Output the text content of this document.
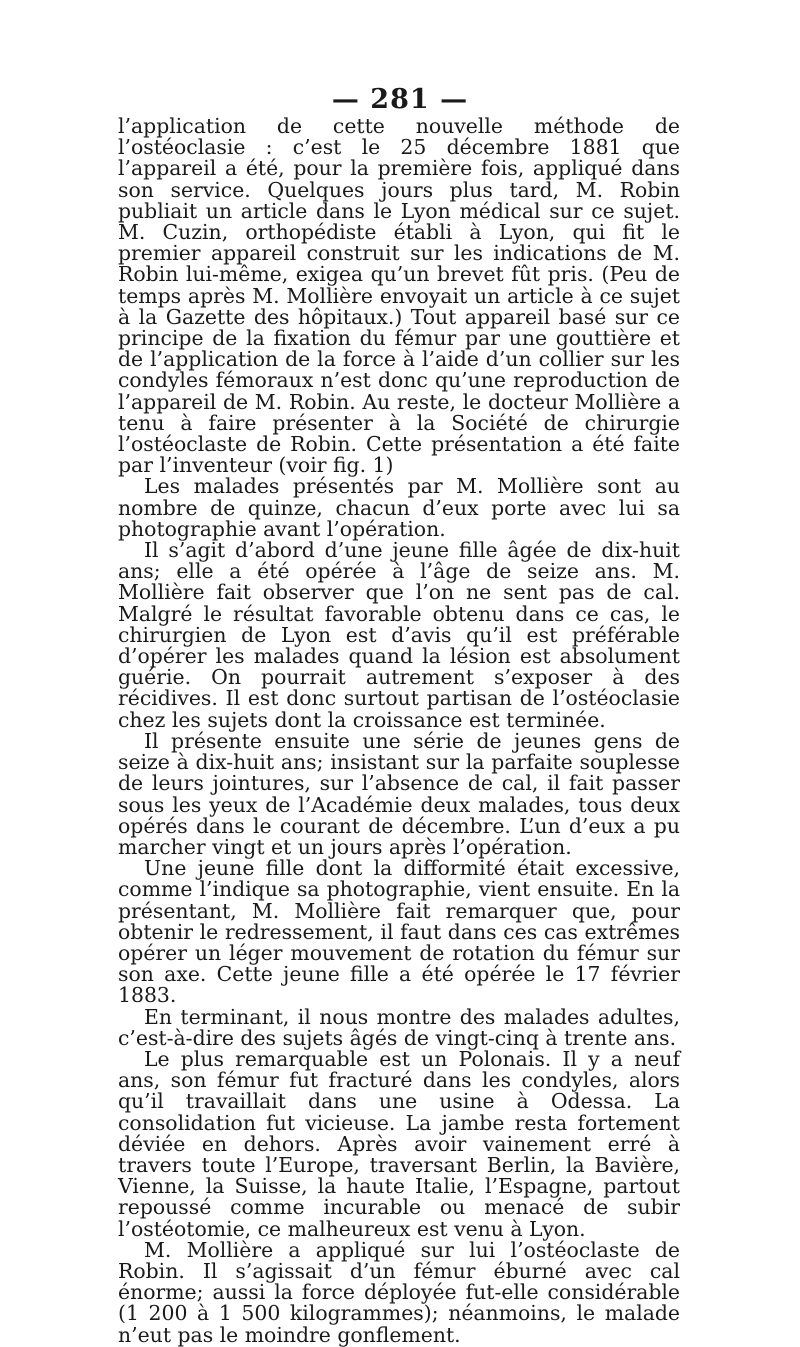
— 281 —

l’application de cette nouvelle méthode de l’ostéoclasie : c’est le 25 décembre 1881 que l’appareil a été, pour la première fois, appliqué dans son service. Quelques jours plus tard, M. Robin publiait un article dans le Lyon médical sur ce sujet. M. Cuzin, orthopédiste établi à Lyon, qui fit le premier appareil construit sur les indications de M. Robin lui-même, exigea qu’un brevet fût pris. (Peu de temps après M. Mollière envoyait un article à ce sujet à la Gazette des hôpitaux.) Tout appareil basé sur ce principe de la fixation du fémur par une gouttière et de l’application de la force à l’aide d’un collier sur les condyles fémoraux n’est donc qu’une reproduction de l’appareil de M. Robin. Au reste, le docteur Mollière a tenu à faire présenter à la Société de chirurgie l’ostéoclaste de Robin. Cette présentation a été faite par l’inventeur (voir fig. 1)

Les malades présentés par M. Mollière sont au nombre de quinze, chacun d’eux porte avec lui sa photographie avant l’opération.

Il s’agit d’abord d’une jeune fille âgée de dix-huit ans; elle a été opérée à l’âge de seize ans. M. Mollière fait observer que l’on ne sent pas de cal. Malgré le résultat favorable obtenu dans ce cas, le chirurgien de Lyon est d’avis qu’il est préférable d’opérer les malades quand la lésion est absolument guérie. On pourrait autrement s’exposer à des récidives. Il est donc surtout partisan de l’ostéoclasie chez les sujets dont la croissance est terminée.

Il présente ensuite une série de jeunes gens de seize à dix-huit ans; insistant sur la parfaite souplesse de leurs jointures, sur l’absence de cal, il fait passer sous les yeux de l’Académie deux malades, tous deux opérés dans le courant de décembre. L’un d’eux a pu marcher vingt et un jours après l’opération.

Une jeune fille dont la difformité était excessive, comme l’indique sa photographie, vient ensuite. En la présentant, M. Mollière fait remarquer que, pour obtenir le redressement, il faut dans ces cas extrêmes opérer un léger mouvement de rotation du fémur sur son axe. Cette jeune fille a été opérée le 17 février 1883.

En terminant, il nous montre des malades adultes, c’est-à-dire des sujets âgés de vingt-cinq à trente ans.

Le plus remarquable est un Polonais. Il y a neuf ans, son fémur fut fracturé dans les condyles, alors qu’il travaillait dans une usine à Odessa. La consolidation fut vicieuse. La jambe resta fortement déviée en dehors. Après avoir vainement erré à travers toute l’Europe, traversant Berlin, la Bavière, Vienne, la Suisse, la haute Italie, l’Espagne, partout repoussé comme incurable ou menacé de subir l’ostéotomie, ce malheureux est venu à Lyon.

M. Mollière a appliqué sur lui l’ostéoclaste de Robin. Il s’agissait d’un fémur éburné avec cal énorme; aussi la force déployée fut-elle considérable (1 200 à 1 500 kilogrammes); néanmoins, le malade n’eut pas le moindre gonflement.
